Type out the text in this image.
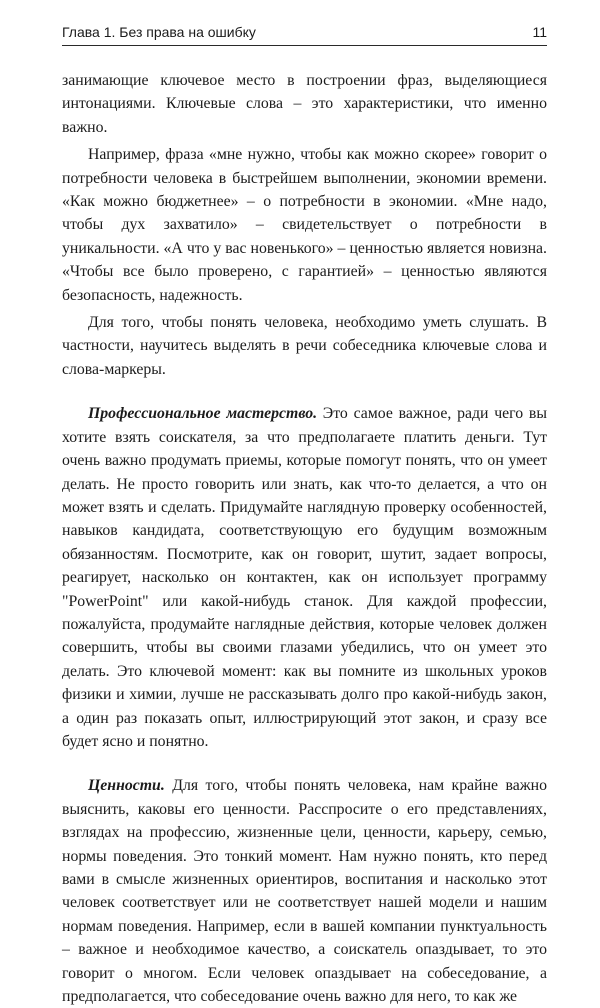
Глава 1. Без права на ошибку	11

занимающие ключевое место в построении фраз, выделяющиеся интонациями. Ключевые слова – это характеристики, что именно важно.

Например, фраза «мне нужно, чтобы как можно скорее» говорит о потребности человека в быстрейшем выполнении, экономии времени. «Как можно бюджетнее» – о потребности в экономии. «Мне надо, чтобы дух захватило» – свидетельствует о потребности в уникальности. «А что у вас новенького» – ценностью является новизна. «Чтобы все было проверено, с гарантией» – ценностью являются безопасность, надежность.

Для того, чтобы понять человека, необходимо уметь слушать. В частности, научитесь выделять в речи собеседника ключевые слова и слова-маркеры.

Профессиональное мастерство. Это самое важное, ради чего вы хотите взять соискателя, за что предполагаете платить деньги. Тут очень важно продумать приемы, которые помогут понять, что он умеет делать. Не просто говорить или знать, как что-то делается, а что он может взять и сделать. Придумайте наглядную проверку особенностей, навыков кандидата, соответствующую его будущим возможным обязанностям. Посмотрите, как он говорит, шутит, задает вопросы, реагирует, насколько он контактен, как он использует программу "PowerPoint" или какой-нибудь станок. Для каждой профессии, пожалуйста, продумайте наглядные действия, которые человек должен совершить, чтобы вы своими глазами убедились, что он умеет это делать. Это ключевой момент: как вы помните из школьных уроков физики и химии, лучше не рассказывать долго про какой-нибудь закон, а один раз показать опыт, иллюстрирующий этот закон, и сразу все будет ясно и понятно.

Ценности. Для того, чтобы понять человека, нам крайне важно выяснить, каковы его ценности. Расспросите о его представлениях, взглядах на профессию, жизненные цели, ценности, карьеру, семью, нормы поведения. Это тонкий момент. Нам нужно понять, кто перед вами в смысле жизненных ориентиров, воспитания и насколько этот человек соответствует или не соответствует нашей модели и нашим нормам поведения. Например, если в вашей компании пунктуальность – важное и необходимое качество, а соискатель опаздывает, то это говорит о многом. Если человек опаздывает на собеседование, а предполагается, что собеседование очень важно для него, то как же
